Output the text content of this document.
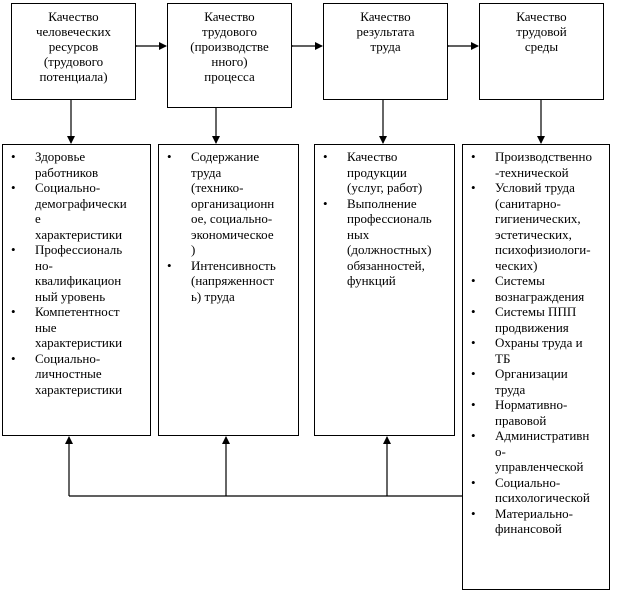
Качество
человеческих
ресурсов
(трудового
потенциала)
Качество
трудового
(производстве
нного)
процесса
Качество
результата
труда
Качество
трудовой
среды
• Здоровье
работников
• Социально-
демографически
е
характеристики
• Профессиональ
но-
квалификацион
ный уровень
• Компетентност
ные
характеристики
• Социально-
личностные
характеристики
• Содержание
труда
(технико-
организационн
ое, социально-
экономическое
)
• Интенсивность
(напряженност
ь) труда
• Качество
продукции
(услуг, работ)
• Выполнение
профессиональ
ных
(должностных)
обязанностей,
функций
• Производственно
-технической
• Условий труда
(санитарно-
гигиенических,
эстетических,
психофизиологи-
ческих)
• Системы
вознаграждения
• Системы ППП
продвижения
• Охраны труда и
ТБ
• Организации
труда
• Нормативно-
правовой
• Административн
о-
управленческой
• Социально-
психологической
• Материально-
финансовой
